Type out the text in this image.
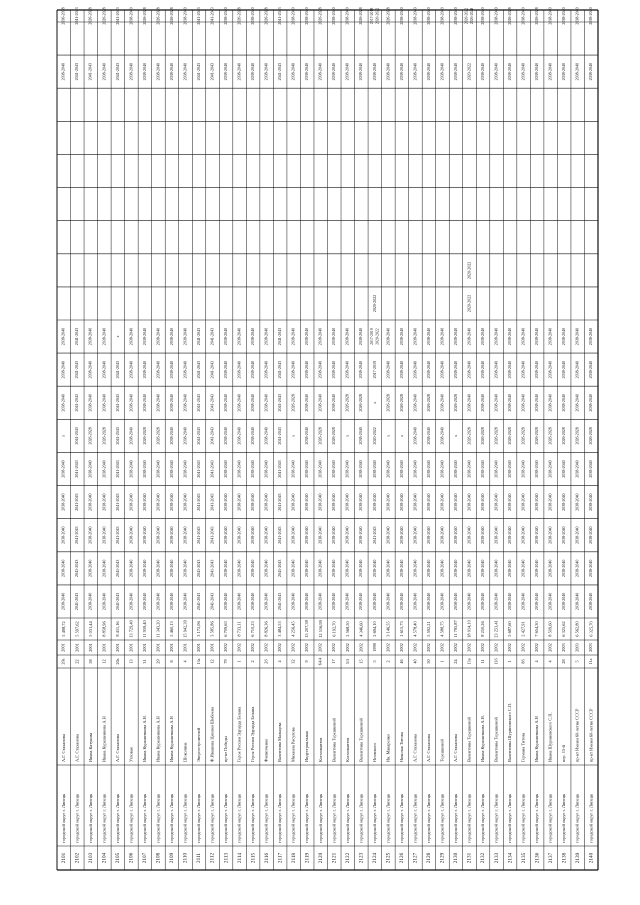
2101
городской округ г. Липецк
А.Г. Стаханова
20а
2001
5 498,72
2038-2040
2038-2040
2038-2040
2038-2040
2038-2040
x
2038-2040
2038-2040
2038-2040
2038-2040
2036-2038
2102
городской округ г. Липецк
А.Г. Стаханова
22
2001
5 597,62
2041-2043
2041-2043
2041-2043
2041-2043
2041-2043
2041-2043
2041-2043
2041-2043
2041-2043
2041-2043
2041-2043
2103
городской округ г. Липецк
Ивана Катукова
58
2001
5 031,44
2038-2040
2038-2040
2038-2040
2038-2040
2038-2040
2026-2028
2038-2040
2038-2040
2038-2040
2041-2043
2026-2028
2104
городской округ г. Липецк
Ивана Курашенкова А.Н
12
2001
8 858,96
2038-2040
2038-2040
2038-2040
2038-2040
2038-2040
2026-2028
2038-2040
2038-2040
2038-2040
2038-2040
2026-2028
2105
городской округ г. Липецк
А.Г. Стаханова
20а
2001
8 411,16
2041-2043
2041-2043
2041-2043
2041-2043
2041-2043
2041-2043
2041-2043
2041-2043
x
2041-2043
2041-2043
2106
городской округ г. Липецк
Угловая
13
2001
13 729,40
2038-2040
2038-2040
2038-2040
2038-2040
2038-2040
2038-2040
2038-2040
2038-2040
2038-2040
2038-2040
2038-2040
2107
городской округ г. Липецк
Ивана Курашенкова А.Н.
31
2001
11 959,40
2038-2040
2038-2040
2038-2040
2038-2040
2038-2040
2026-2028
2038-2040
2038-2040
2038-2040
2038-2040
2026-2028
2108
городской округ г. Липецк
Ивана Курашенкова А.Н
29
2001
11 343,20
2038-2040
2038-2040
2038-2040
2038-2040
2038-2040
2026-2028
2038-2040
2038-2040
2038-2040
2038-2040
2026-2028
2109
городской округ г. Липецк
Ивана Курашенкова А.Н
8
2001
5 460,13
2038-2040
2038-2040
2038-2040
2038-2040
2038-2040
2038-2040
2038-2040
2038-2040
2038-2040
2038-2040
2026-2028
2110
городской округ г. Липецк
Шоколина
4
2001
15 942,39
2038-2040
2038-2040
2038-2040
2038-2040
2038-2040
2038-2040
2038-2040
2038-2040
2038-2040
2038-2040
2038-2040
2111
городской округ г. Липецк
Энергостроителей
13а
2001
3 172,06
2041-2043
2041-2043
2041-2043
2041-2043
2041-2043
2041-2043
2041-2043
2041-2043
2041-2043
2041-2043
2041-2043
2112
городской округ г. Липецк
Ф.Ивашова Циолки Шибоева
12
2001
3 585,86
2041-2043
2041-2043
2041-2043
2041-2043
2041-2043
2041-2043
2041-2043
2041-2043
2041-2043
2041-2043
2041-2043
2113
городской округ г. Липецк
пр-кт Победы
79
2002
6 709,63
2038-2040
2038-2040
2038-2040
2038-2040
2038-2040
2038-2040
2038-2040
2038-2040
2038-2040
2038-2040
2038-2040
2114
городской округ г. Липецк
Героя России Эдуарда Белана
1
2002
8 733,11
2038-2040
2038-2040
2038-2040
2038-2040
2038-2040
2038-2040
2038-2040
2038-2040
2038-2040
2038-2040
2026-2028
2115
городской округ г. Липецк
Героя России Эдуарда Белана
2
2002
6 710,23
2038-2040
2038-2040
2038-2040
2038-2040
2038-2040
2038-2040
2038-2040
2038-2040
2038-2040
2038-2040
2038-2040
2116
городской округ г. Липецк
Филипченко
2б
2002
8 826,36
2038-2040
2038-2040
2038-2040
2038-2040
2038-2040
2038-2040
2038-2040
2038-2040
2038-2040
2038-2040
2026-2028
2117
городской округ г. Липецк
Валентина Мальцева
4
2002
3 484,53
2041-2043
2041-2043
2041-2043
2041-2043
2041-2043
2041-2043
2041-2043
2041-2043
2041-2043
2041-2043
2041-2043
2118
городской округ г. Липецк
Михаила Расулова
32
2002
4 256,45
2038-2040
2038-2040
2038-2040
2038-2040
2038-2040
x
2026-2028
2038-2040
2038-2040
2038-2040
2038-2040
2119
городской округ г. Липецк
Индустриальная
9
2002
15 207,38
2038-2040
2038-2040
2038-2040
2038-2040
2038-2040
2038-2040
2038-2040
2038-2040
2038-2040
2038-2040
2038-2040
2120
городской округ г. Липецк
Космонавтов
64/4
2002
12 516,99
2038-2040
2038-2040
2038-2040
2038-2040
2038-2040
2026-2028
2038-2040
2038-2040
2038-2040
2038-2040
2026-2028
2121
городской округ г. Липецк
Валентина Терешковой
17
2002
6 192,70
2038-2040
2038-2040
2038-2040
2038-2040
2038-2040
2026-2028
2038-2040
2038-2040
2038-2040
2038-2040
2038-2040
2122
городской округ г. Липецк
Космонавтов
5/3
2002
2 568,50
2038-2040
2038-2040
2038-2040
2038-2040
2038-2040
x
2026-2028
2038-2040
2038-2040
2038-2040
2038-2040
2123
городской округ г. Липецк
Валентина Терешковой
15
2002
4 346,60
2038-2040
2038-2040
2038-2040
2038-2040
2038-2040
2038-2040
2026-2028
2038-2040
2038-2040
2038-2040
2026-2028
2124
городской округ г. Липецк
Неовского
5
1998
2 694,10
2038-2040
2038-2040
2041-2043
2038-2040
2038-2040
2020-2022
x
2017-2019
2017-2019 2020-2022
2020-2022
2038-2040
2017-2019 2020-2022
2125
городской округ г. Липецк
Ив. Макаренко
2
2002
3 146,55
2038-2040
2038-2040
2038-2040
2038-2040
2038-2040
x
2026-2028
2038-2040
2038-2040
2038-2040
2026-2028
2126
городской округ г. Липецк
Николая Титова
46
2002
1 615,73
2038-2040
2038-2040
2038-2040
2038-2040
2038-2040
x
2026-2028
2038-2040
2038-2040
2038-2040
2038-2040
2127
городской округ г. Липецк
А.Г. Стаханова
40
2002
4 578,40
2038-2040
2038-2040
2038-2040
2038-2040
2038-2040
2038-2040
2038-2040
2038-2040
2038-2040
2038-2040
2038-2040
2128
городской округ г. Липецк
А.Г. Стаханова
50
2002
5 592,21
2038-2040
2038-2040
2038-2040
2038-2040
2038-2040
2038-2040
2026-2028
2038-2040
2038-2040
2038-2040
2038-2040
2129
городской округ г. Липецк
Терешковой
1
2002
4 588,75
2038-2040
2038-2040
2038-2040
2038-2040
2038-2040
2038-2040
2038-2040
2038-2040
2038-2040
2038-2040
2038-2040
2130
городской округ г. Липецк
А.Г. Стаханова
24
2002
11 795,87
2038-2040
2038-2040
2038-2040
2038-2040
2038-2040
x
2026-2028
2038-2040
2038-2040
2038-2040
2038-2040
2131
городской округ г. Липецк
Валентины Терешковой
13в
2002
18 014,10
2038-2040
2038-2040
2038-2040
2038-2040
2038-2040
2026-2028
2038-2040
2038-2040
2038-2040
2020-2022
2020-2022
2020-2022
2020-2022 2026-2028
2132
городской округ г. Липецк
Ивана Курашенкова А.Н.
11
2002
8 250,26
2038-2040
2038-2040
2038-2040
2038-2040
2038-2040
2026-2028
2038-2040
2038-2040
2038-2040
2038-2040
2038-2040
2133
городской округ г. Липецк
Валентины Терешковой
13б
2002
23 253,41
2038-2040
2038-2040
2038-2040
2038-2040
2038-2040
2026-2028
2038-2040
2038-2040
2038-2040
2038-2040
2038-2040
2134
городской округ г. Липецк
Валентины Шуриновского С.П.
1
2002
5 687,60
2038-2040
2038-2040
2038-2040
2038-2040
2038-2040
2026-2028
2038-2040
2038-2040
2038-2040
2038-2040
2026-2028
2135
городской округ г. Липецк
Германа Титова
8б
2002
2 427,91
2038-2040
2038-2040
2038-2040
2038-2040
2038-2040
2026-2028
2038-2040
2038-2040
2038-2040
2038-2040
2038-2040
2136
городской округ г. Липецк
Ивана Курашенкова А.Н
4
2002
7 654,30
2038-2040
2038-2040
2038-2040
2038-2040
2038-2040
2026-2028
2038-2040
2038-2040
2038-2040
2038-2040
2026-2028
2137
городской округ г. Липецк
Ивана Шуриновского С.П.
4
2002
8 509,60
2038-2040
2038-2040
2038-2040
2038-2040
2038-2040
2026-2028
2038-2040
2038-2040
2038-2040
2038-2040
2038-2040
2138
городской округ г. Липецк
пер. 15-й
28
2003
6 325,62
2038-2040
2038-2040
2038-2040
2038-2040
2038-2040
2026-2028
2038-2040
2038-2040
2038-2040
2038-2040
2038-2040
2139
городской округ г. Липецк
пр-кт Имени 60-летия СССР
5
2003
6 562,80
2038-2040
2038-2040
2038-2040
2038-2040
2038-2040
2026-2028
2038-2040
2038-2040
2038-2040
2038-2040
2038-2040
2140
городской округ г. Липецк
пр-кт Имени 60-летия СССР
11а
2003
6 325,70
2038-2040
2038-2040
2038-2040
2038-2040
2038-2040
2026-2028
2038-2040
2038-2040
2038-2040
2038-2040
2038-2040
